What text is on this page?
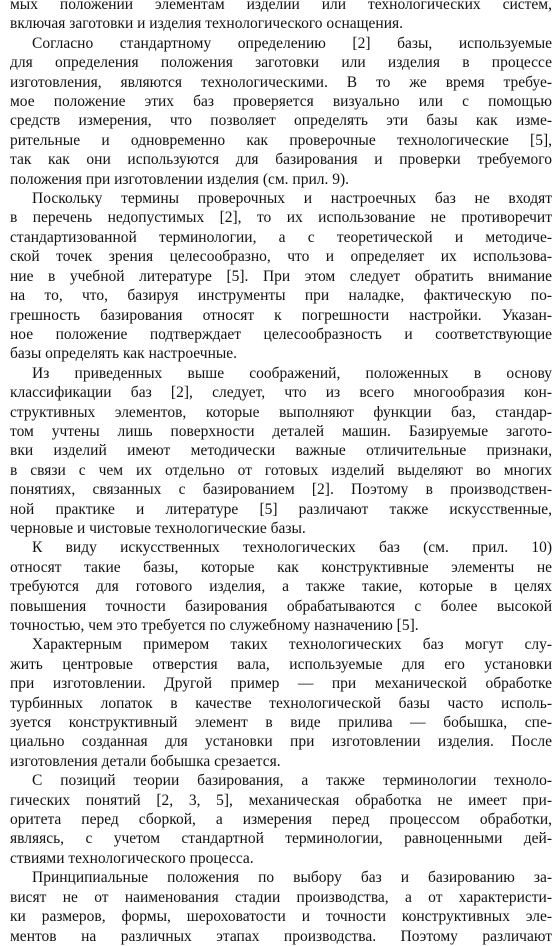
мых положений элементам изделий или технологических систем,
включая заготовки и изделия технологического оснащения.
Согласно стандартному определению [2] базы, используемые
для определения положения заготовки или изделия в процессе
изготовления, являются технологическими. В то же время требуе-
мое положение этих баз проверяется визуально или с помощью
средств измерения, что позволяет определять эти базы как изме-
рительные и одновременно как проверочные технологические [5],
так как они используются для базирования и проверки требуемого
положения при изготовлении изделия (см. прил. 9).
Поскольку термины проверочных и настроечных баз не входят
в перечень недопустимых [2], то их использование не противоречит
стандартизованной терминологии, а с теоретической и методиче-
ской точек зрения целесообразно, что и определяет их использова-
ние в учебной литературе [5]. При этом следует обратить внимание
на то, что, базируя инструменты при наладке, фактическую по-
грешность базирования относят к погрешности настройки. Указан-
ное положение подтверждает целесообразность и соответствующие
базы определять как настроечные.
Из приведенных выше соображений, положенных в основу
классификации баз [2], следует, что из всего многообразия кон-
структивных элементов, которые выполняют функции баз, стандар-
том учтены лишь поверхности деталей машин. Базируемые загото-
вки изделий имеют методически важные отличительные признаки,
в связи с чем их отдельно от готовых изделий выделяют во многих
понятиях, связанных с базированием [2]. Поэтому в производствен-
ной практике и литературе [5] различают также искусственные,
черновые и чистовые технологические базы.
К виду искусственных технологических баз (см. прил. 10)
относят такие базы, которые как конструктивные элементы не
требуются для готового изделия, а также такие, которые в целях
повышения точности базирования обрабатываются с более высокой
точностью, чем это требуется по служебному назначению [5].
Характерным примером таких технологических баз могут слу-
жить центровые отверстия вала, используемые для его установки
при изготовлении. Другой пример — при механической обработке
турбинных лопаток в качестве технологической базы часто исполь-
зуется конструктивный элемент в виде прилива — бобышка, спе-
циально созданная для установки при изготовлении изделия. После
изготовления детали бобышка срезается.
С позиций теории базирования, а также терминологии техноло-
гических понятий [2, 3, 5], механическая обработка не имеет при-
оритета перед сборкой, а измерения перед процессом обработки,
являясь, с учетом стандартной терминологии, равноценными дей-
ствиями технологического процесса.
Принципиальные положения по выбору баз и базированию за-
висят не от наименования стадии производства, а от характеристи-
ки размеров, формы, шероховатости и точности конструктивных эле-
ментов на различных этапах производства. Поэтому различают
